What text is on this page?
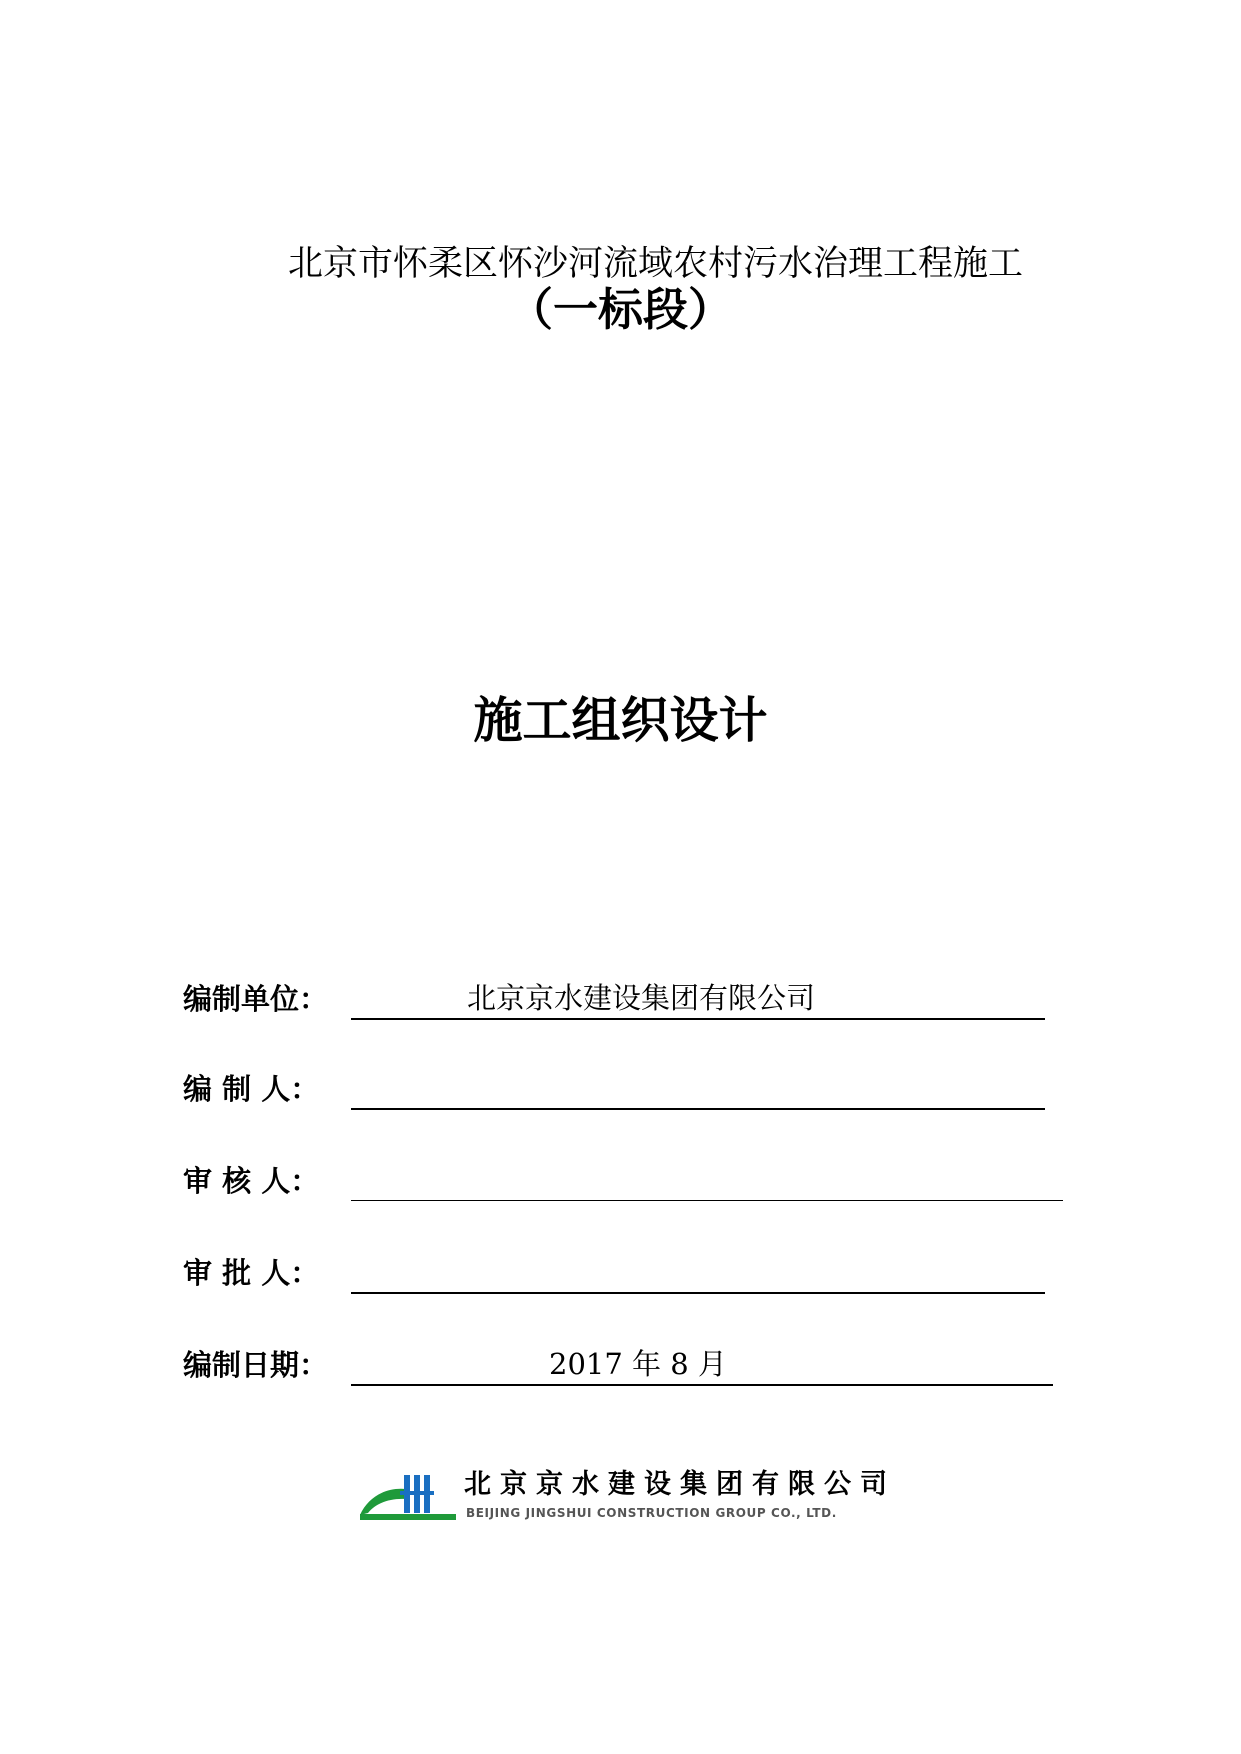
北京市怀柔区怀沙河流域农村污水治理工程施工
（一标段）
施工组织设计
编制单位：	北京京水建设集团有限公司
编 制 人：
审 核 人：
审 批 人：
编制日期：	2017 年 8 月
北京京水建设集团有限公司
BEIJING JINGSHUI CONSTRUCTION GROUP CO., LTD.
